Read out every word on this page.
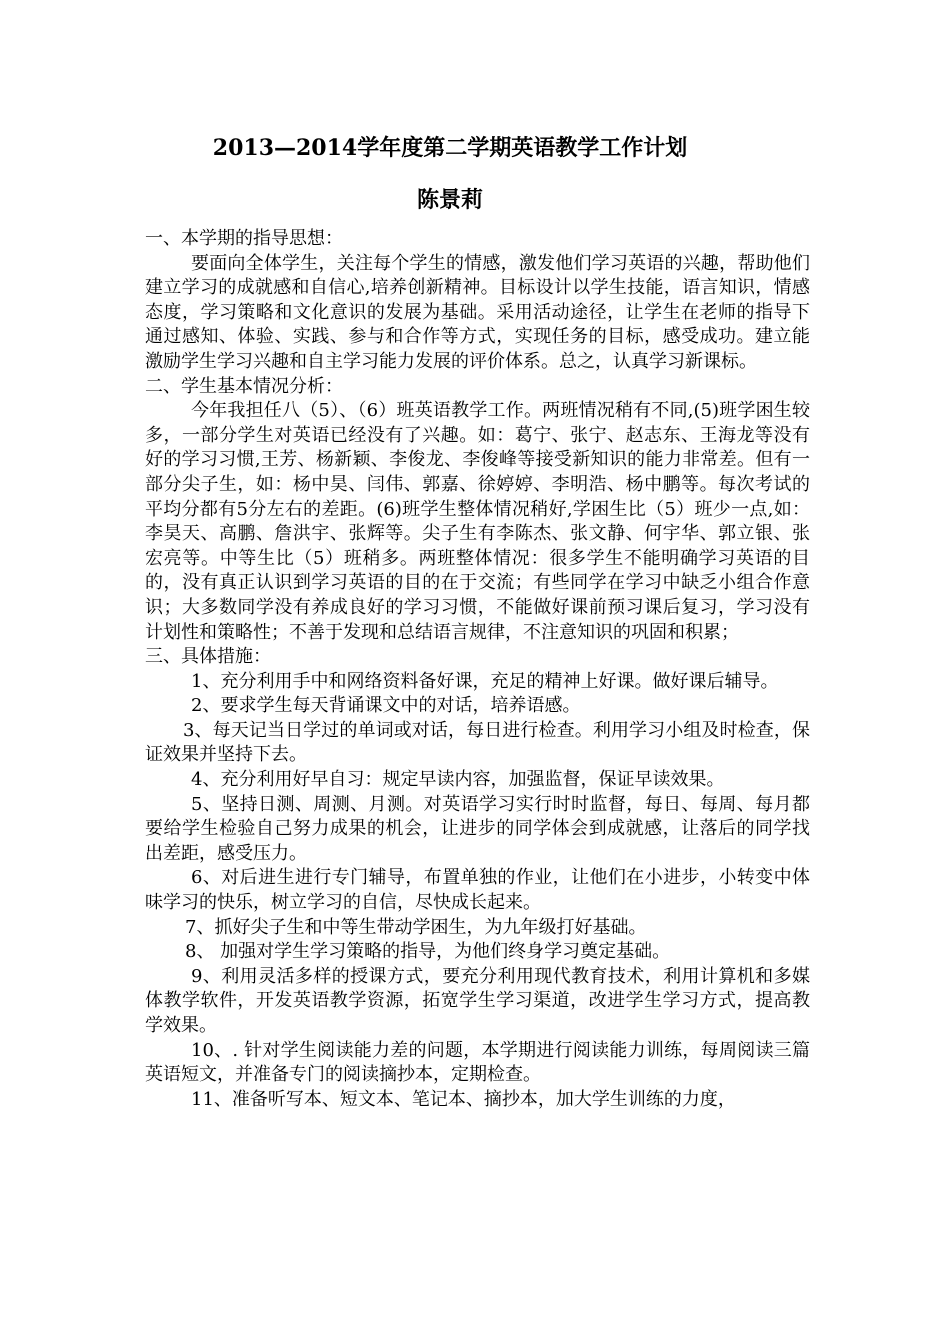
2013—2014学年度第二学期英语教学工作计划
陈景莉

一、本学期的指导思想：

要面向全体学生，关注每个学生的情感，激发他们学习英语的兴趣，帮助他们建立学习的成就感和自信心,培养创新精神。目标设计以学生技能，语言知识，情感态度，学习策略和文化意识的发展为基础。采用活动途径，让学生在老师的指导下通过感知、体验、实践、参与和合作等方式，实现任务的目标，感受成功。建立能激励学生学习兴趣和自主学习能力发展的评价体系。总之，认真学习新课标。

二、学生基本情况分析：

今年我担任八（5）、（6）班英语教学工作。两班情况稍有不同,(5)班学困生较多，一部分学生对英语已经没有了兴趣。如：葛宁、张宁、赵志东、王海龙等没有好的学习习惯,王芳、杨新颖、李俊龙、李俊峰等接受新知识的能力非常差。但有一部分尖子生，如：杨中昊、闫伟、郭嘉、徐婷婷、李明浩、杨中鹏等。每次考试的平均分都有5分左右的差距。(6)班学生整体情况稍好,学困生比（5）班少一点,如：李昊天、高鹏、詹洪宇、张辉等。尖子生有李陈杰、张文静、何宇华、郭立银、张宏亮等。中等生比（5）班稍多。两班整体情况：很多学生不能明确学习英语的目的，没有真正认识到学习英语的目的在于交流；有些同学在学习中缺乏小组合作意识；大多数同学没有养成良好的学习习惯，不能做好课前预习课后复习，学习没有计划性和策略性；不善于发现和总结语言规律，不注意知识的巩固和积累；

三、具体措施：

1、充分利用手中和网络资料备好课，充足的精神上好课。做好课后辅导。

2、要求学生每天背诵课文中的对话，培养语感。

3、每天记当日学过的单词或对话，每日进行检查。利用学习小组及时检查，保证效果并坚持下去。

4、充分利用好早自习：规定早读内容，加强监督，保证早读效果。

5、坚持日测、周测、月测。对英语学习实行时时监督，每日、每周、每月都要给学生检验自己努力成果的机会，让进步的同学体会到成就感，让落后的同学找出差距，感受压力。

6、对后进生进行专门辅导，布置单独的作业，让他们在小进步，小转变中体味学习的快乐，树立学习的自信，尽快成长起来。

7、抓好尖子生和中等生带动学困生，为九年级打好基础。

8、 加强对学生学习策略的指导，为他们终身学习奠定基础。

9、利用灵活多样的授课方式，要充分利用现代教育技术，利用计算机和多媒体教学软件，开发英语教学资源，拓宽学生学习渠道，改进学生学习方式，提高教学效果。

10、. 针对学生阅读能力差的问题，本学期进行阅读能力训练，每周阅读三篇英语短文，并准备专门的阅读摘抄本，定期检查。

11、准备听写本、短文本、笔记本、摘抄本，加大学生训练的力度，
